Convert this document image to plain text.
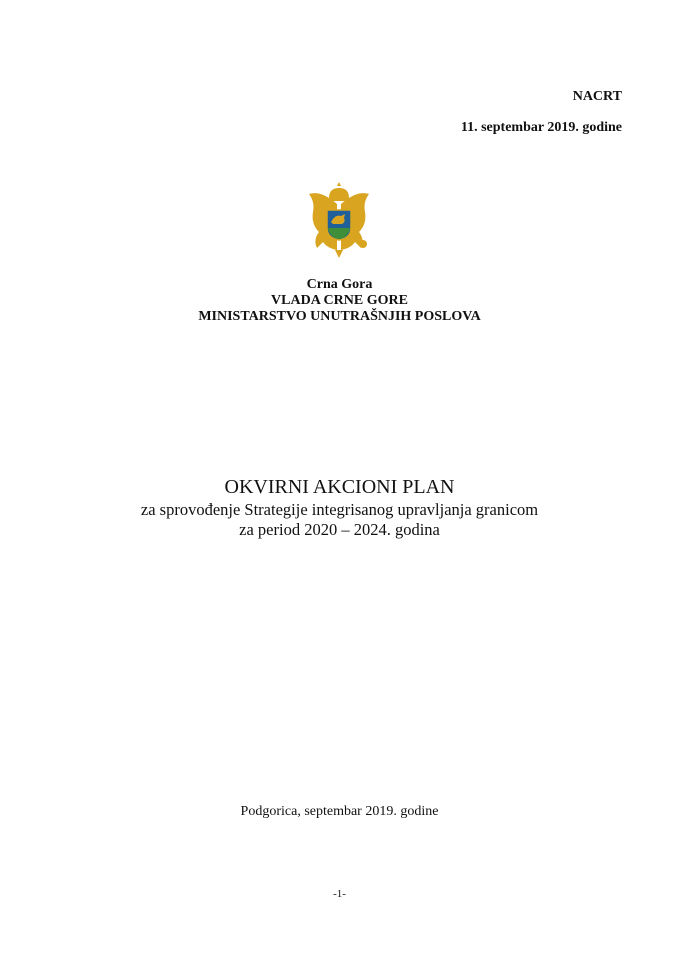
NACRT
11. septembar 2019. godine
Crna Gora
VLADA CRNE GORE
MINISTARSTVO UNUTRAŠNJIH POSLOVA
OKVIRNI AKCIONI PLAN
za sprovođenje Strategije integrisanog upravljanja granicom
za period 2020 – 2024. godina
Podgorica, septembar 2019. godine
-1-
